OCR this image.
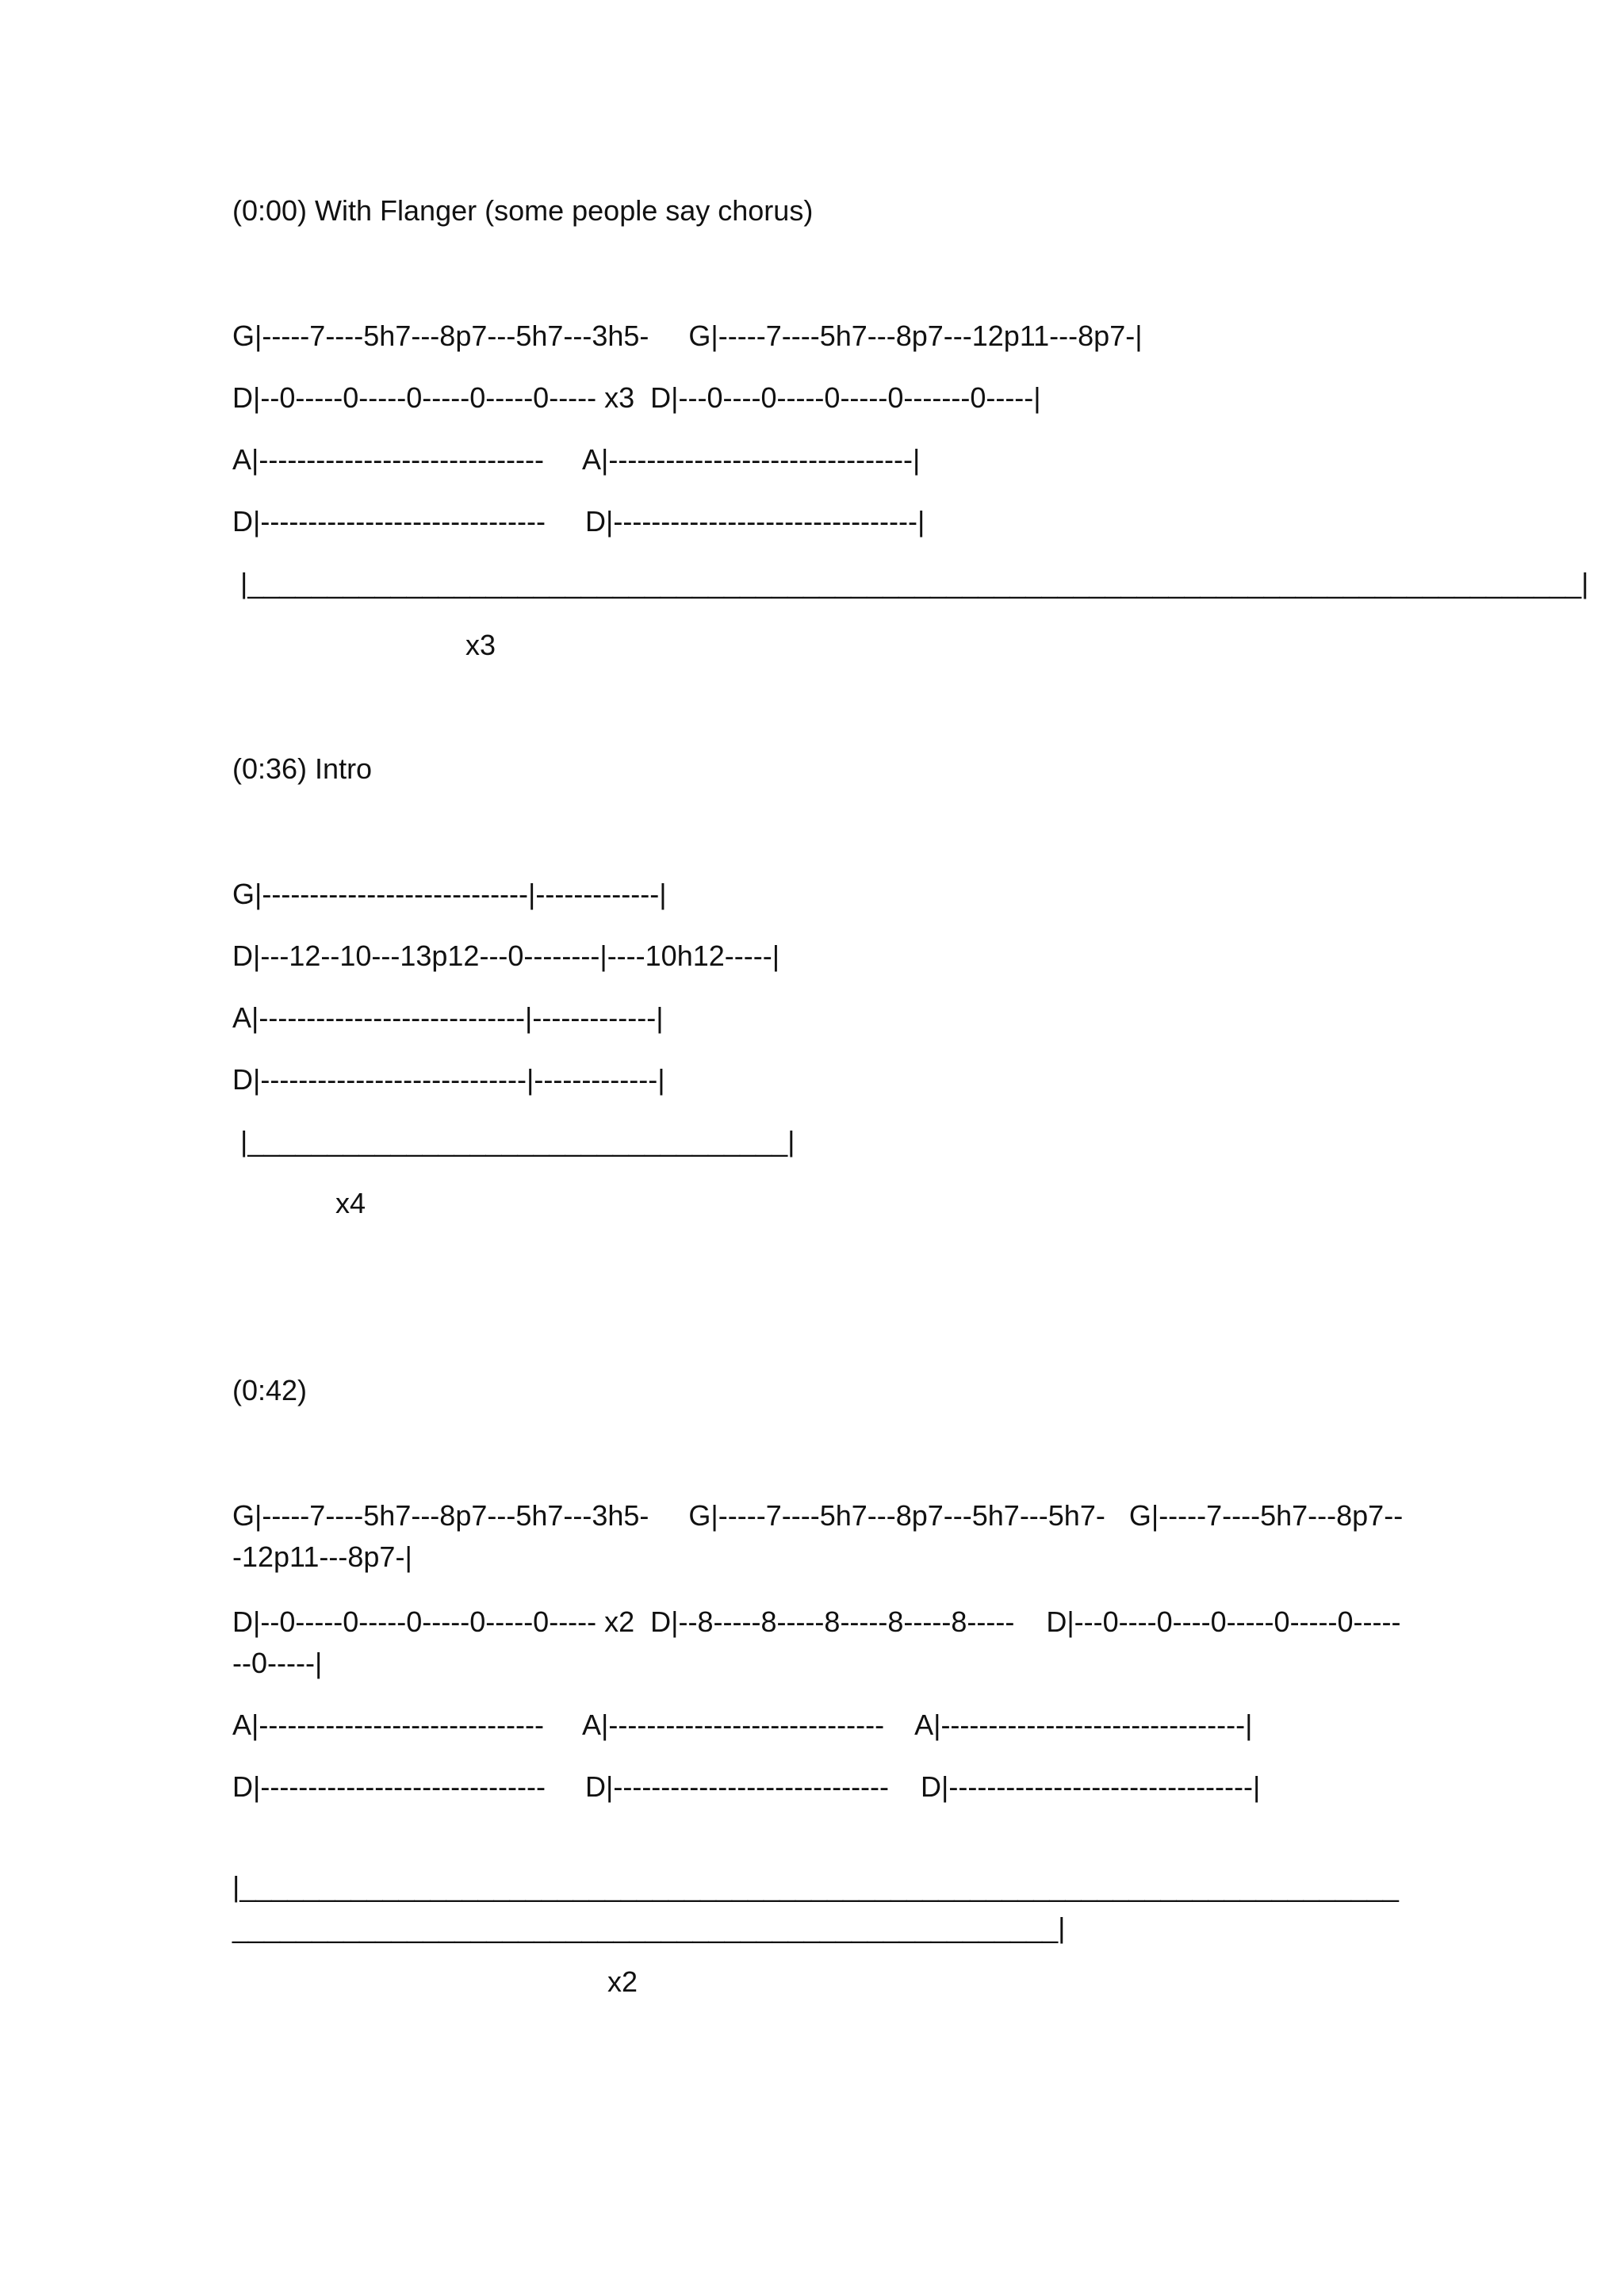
(0:00) With Flanger (some people say chorus)

G|-----7----5h7---8p7---5h7---3h5-     G|-----7----5h7---8p7---12p11---8p7-|

D|--0-----0-----0-----0-----0----- x3  D|---0----0-----0-----0-------0-----|

A|------------------------------     A|--------------------------------|

D|------------------------------     D|--------------------------------|

|____________________________________________________________________________________|

x3

(0:36) Intro

G|----------------------------|-------------|

D|---12--10---13p12---0--------|----10h12-----|

A|----------------------------|-------------|

D|----------------------------|-------------|

|__________________________________|

x4

(0:42)

G|-----7----5h7---8p7---5h7---3h5-     G|-----7----5h7---8p7---5h7---5h7-   G|-----7----5h7---8p7---12p11---8p7-|

D|--0-----0-----0-----0-----0----- x2  D|--8-----8-----8-----8-----8-----    D|---0----0----0-----0-----0-------0-----|

A|------------------------------     A|-----------------------------    A|--------------------------------|

D|------------------------------     D|-----------------------------    D|--------------------------------|

|_____________________________________________________________________________________________________________________________|

x2
